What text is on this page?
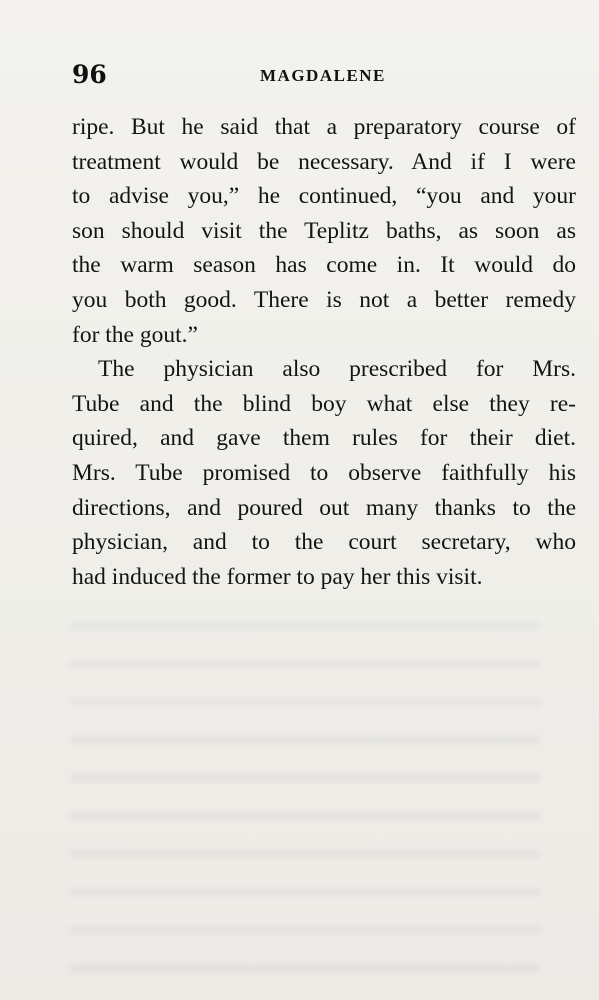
96	MAGDALENE
ripe. But he said that a preparatory course of
treatment would be necessary. And if I were
to advise you,” he continued, “you and your
son should visit the Teplitz baths, as soon as
the warm season has come in. It would do
you both good. There is not a better remedy
for the gout.”
The physician also prescribed for Mrs.
Tube and the blind boy what else they re-
quired, and gave them rules for their diet.
Mrs. Tube promised to observe faithfully his
directions, and poured out many thanks to the
physician, and to the court secretary, who
had induced the former to pay her this visit.
